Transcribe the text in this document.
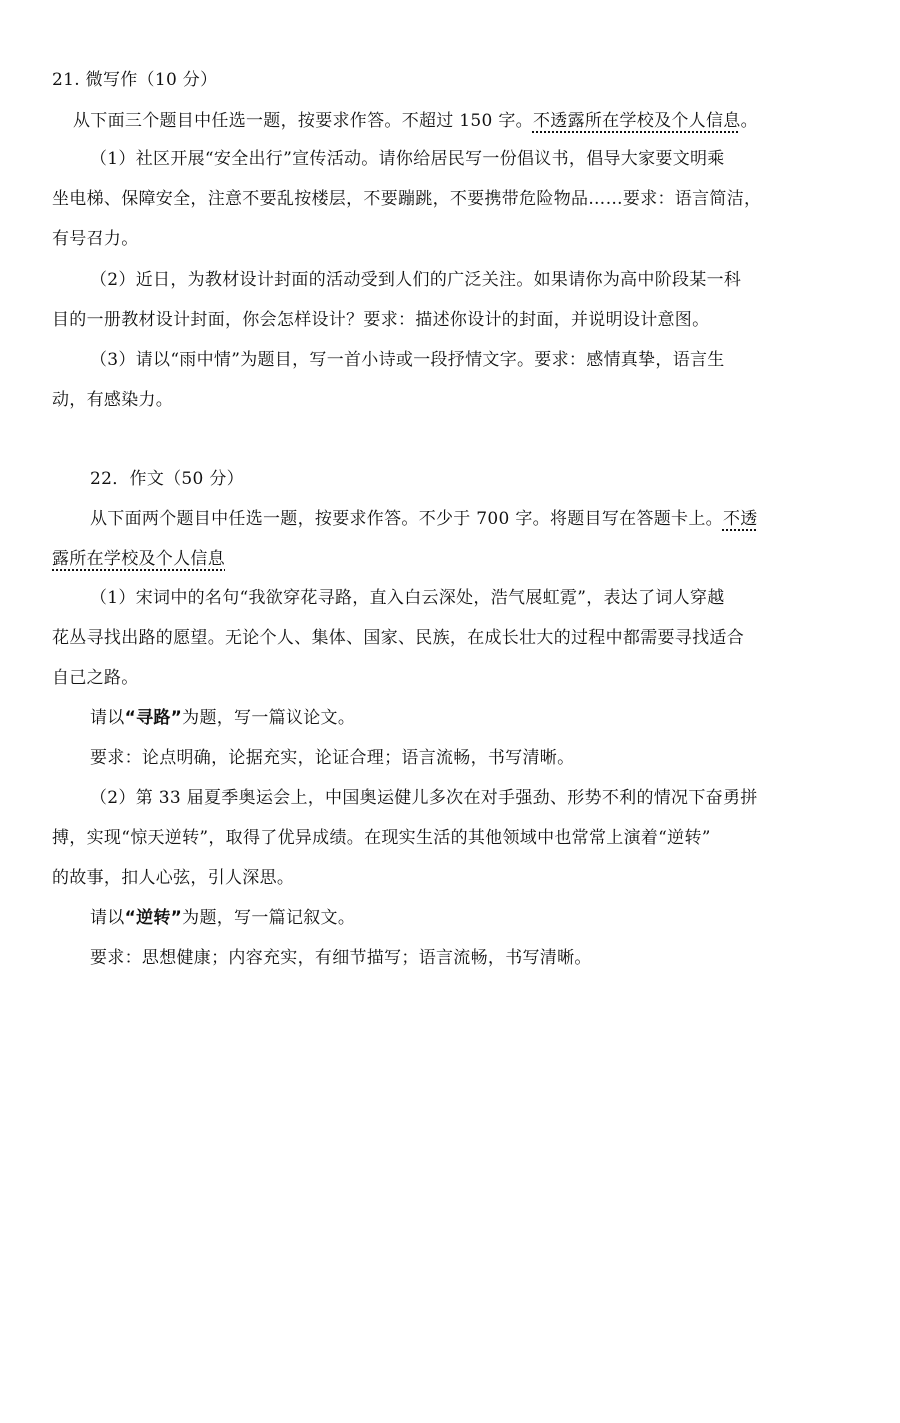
21. 微写作（10 分）
从下面三个题目中任选一题，按要求作答。不超过 150 字。不透露所在学校及个人信息。
（1）社区开展“安全出行”宣传活动。请你给居民写一份倡议书，倡导大家要文明乘
坐电梯、保障安全，注意不要乱按楼层，不要蹦跳，不要携带危险物品……要求：语言简洁，
有号召力。
（2）近日，为教材设计封面的活动受到人们的广泛关注。如果请你为高中阶段某一科
目的一册教材设计封面，你会怎样设计？要求：描述你设计的封面，并说明设计意图。
（3）请以“雨中情”为题目，写一首小诗或一段抒情文字。要求：感情真挚，语言生
动，有感染力。
22．作文（50 分）
从下面两个题目中任选一题，按要求作答。不少于 700 字。将题目写在答题卡上。不透
露所在学校及个人信息
（1）宋词中的名句“我欲穿花寻路，直入白云深处，浩气展虹霓”，表达了词人穿越
花丛寻找出路的愿望。无论个人、集体、国家、民族，在成长壮大的过程中都需要寻找适合
自己之路。
请以“寻路”为题，写一篇议论文。
要求：论点明确，论据充实，论证合理；语言流畅，书写清晰。
（2）第 33 届夏季奥运会上，中国奥运健儿多次在对手强劲、形势不利的情况下奋勇拼
搏，实现“惊天逆转”，取得了优异成绩。在现实生活的其他领域中也常常上演着“逆转”
的故事，扣人心弦，引人深思。
请以“逆转”为题，写一篇记叙文。
要求：思想健康；内容充实，有细节描写；语言流畅，书写清晰。
